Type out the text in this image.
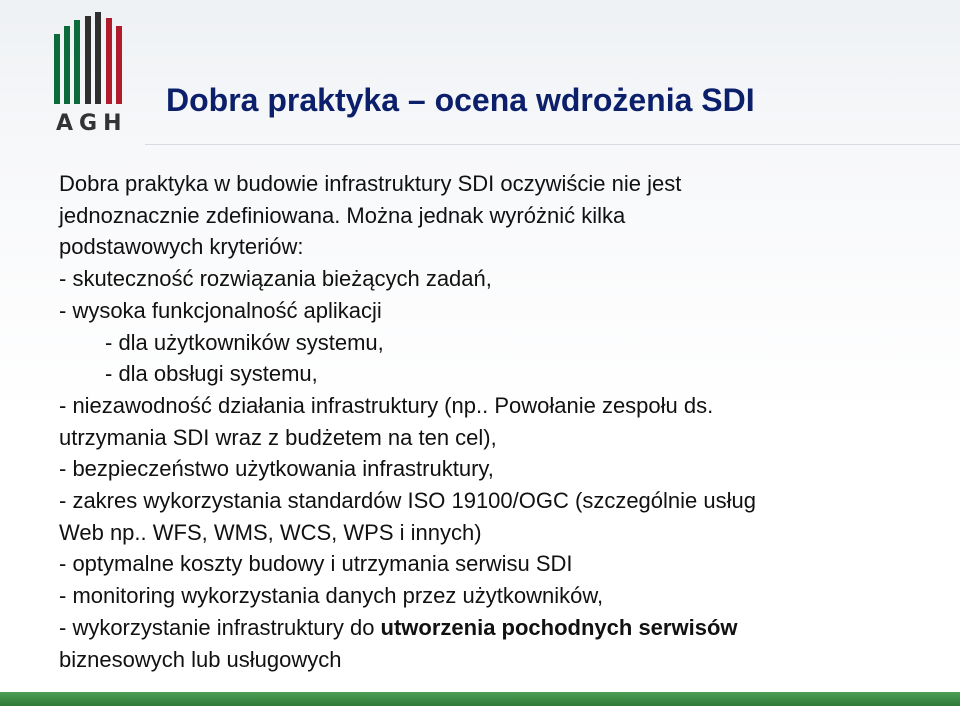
AGH
Dobra praktyka – ocena wdrożenia SDI
Dobra praktyka w budowie infrastruktury SDI oczywiście nie jest
jednoznacznie zdefiniowana. Można jednak wyróżnić kilka
podstawowych kryteriów:
- skuteczność rozwiązania bieżących zadań,
- wysoka funkcjonalność aplikacji
- dla użytkowników systemu,
- dla obsługi systemu,
- niezawodność działania infrastruktury (np.. Powołanie zespołu ds.
utrzymania SDI wraz z budżetem na ten cel),
- bezpieczeństwo użytkowania infrastruktury,
- zakres wykorzystania standardów ISO 19100/OGC (szczególnie usług
Web np.. WFS, WMS, WCS, WPS i innych)
- optymalne koszty budowy i utrzymania serwisu SDI
- monitoring wykorzystania danych przez użytkowników,
- wykorzystanie infrastruktury do utworzenia pochodnych serwisów
biznesowych lub usługowych
